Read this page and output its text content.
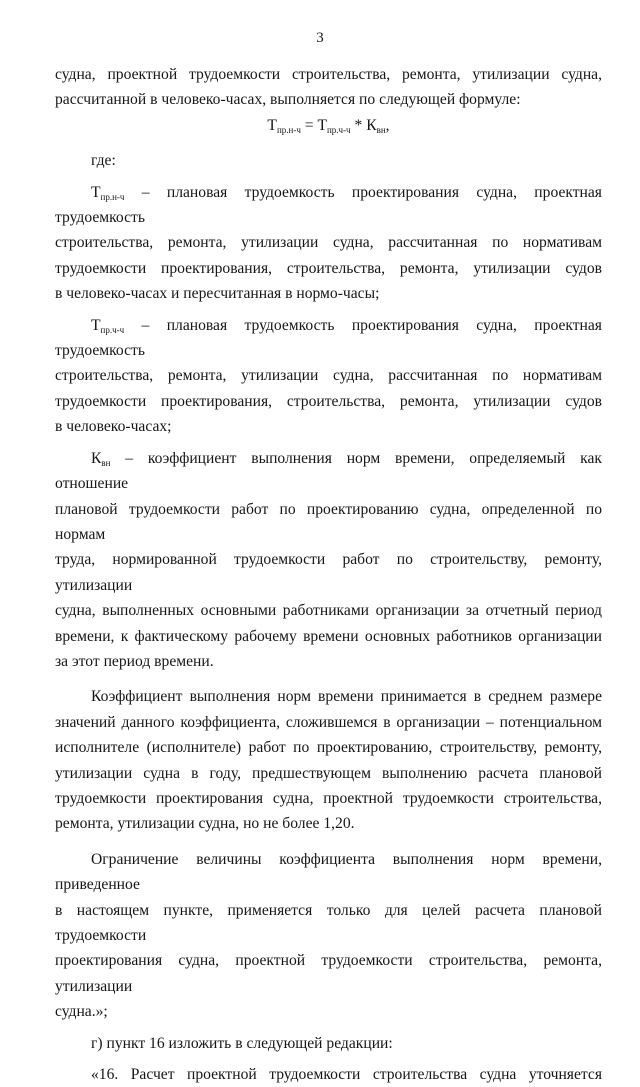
3

судна, проектной трудоемкости строительства, ремонта, утилизации судна,

рассчитанной в человеко-часах, выполняется по следующей формуле:

$Т_{пр.н-ч} = Т_{пр.ч-ч} * К_{вн}$,

где:

$Т_{пр.н-ч}$ – плановая трудоемкость проектирования судна, проектная трудоемкость

строительства, ремонта, утилизации судна, рассчитанная по нормативам

трудоемкости проектирования, строительства, ремонта, утилизации судов

в человеко-часах и пересчитанная в нормо-часы;

$Т_{пр.ч-ч}$ – плановая трудоемкость проектирования судна, проектная трудоемкость

строительства, ремонта, утилизации судна, рассчитанная по нормативам

трудоемкости проектирования, строительства, ремонта, утилизации судов

в человеко-часах;

$К_{вн}$ – коэффициент выполнения норм времени, определяемый как отношение

плановой трудоемкости работ по проектированию судна, определенной по нормам

труда, нормированной трудоемкости работ по строительству, ремонту, утилизации

судна, выполненных основными работниками организации за отчетный период

времени, к фактическому рабочему времени основных работников организации

за этот период времени.

Коэффициент выполнения норм времени принимается в среднем размере

значений данного коэффициента, сложившемся в организации – потенциальном

исполнителе (исполнителе) работ по проектированию, строительству, ремонту,

утилизации судна в году, предшествующем выполнению расчета плановой

трудоемкости проектирования судна, проектной трудоемкости строительства,

ремонта, утилизации судна, но не более 1,20.

Ограничение величины коэффициента выполнения норм времени, приведенное

в настоящем пункте, применяется только для целей расчета плановой трудоемкости

проектирования судна, проектной трудоемкости строительства, ремонта, утилизации

судна.»;

г) пункт 16 изложить в следующей редакции:

«16. Расчет проектной трудоемкости строительства судна уточняется
